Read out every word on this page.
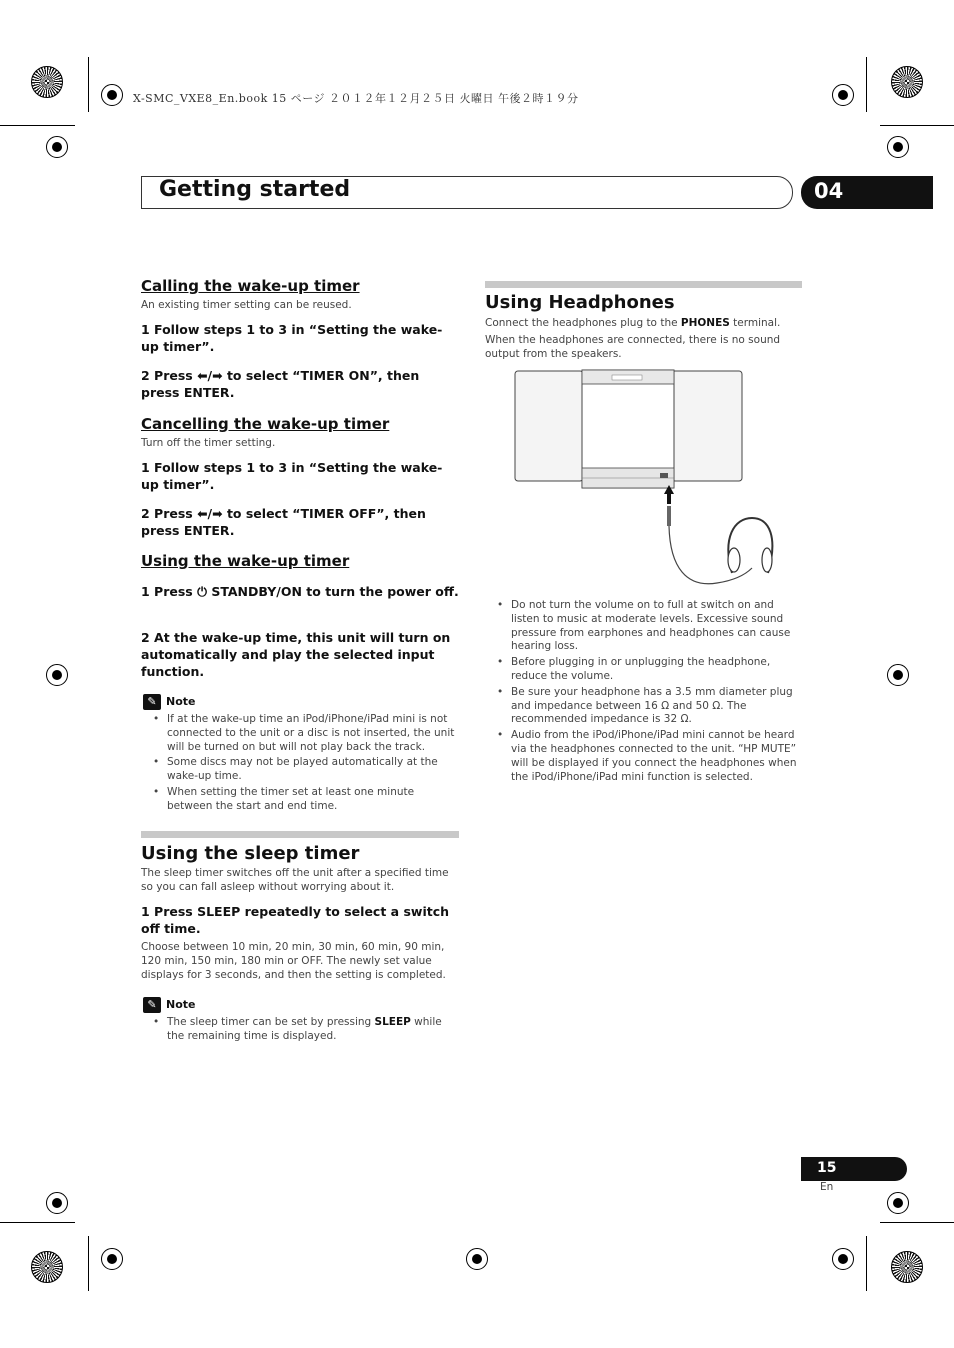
X-SMC_VXE8_En.book 15 ページ ２０１２年１２月２５日 火曜日 午後２時１９分
Getting started	04
Calling the wake-up timer
An existing timer setting can be reused.
1 Follow steps 1 to 3 in “Setting the wake-up timer”.
2 Press ⬅/➡ to select “TIMER ON”, then press ENTER.
Cancelling the wake-up timer
Turn off the timer setting.
1 Follow steps 1 to 3 in “Setting the wake-up timer”.
2 Press ⬅/➡ to select “TIMER OFF”, then press ENTER.
Using the wake-up timer
1 Press ⏻ STANDBY/ON to turn the power off.
2 At the wake-up time, this unit will turn on automatically and play the selected input function.
✎ Note
• If at the wake-up time an iPod/iPhone/iPad mini is not connected to the unit or a disc is not inserted, the unit will be turned on but will not play back the track.
• Some discs may not be played automatically at the wake-up time.
• When setting the timer set at least one minute between the start and end time.
Using the sleep timer
The sleep timer switches off the unit after a specified time so you can fall asleep without worrying about it.
1 Press SLEEP repeatedly to select a switch off time.
Choose between 10 min, 20 min, 30 min, 60 min, 90 min, 120 min, 150 min, 180 min or OFF. The newly set value displays for 3 seconds, and then the setting is completed.
✎ Note
• The sleep timer can be set by pressing SLEEP while the remaining time is displayed.
Using Headphones
Connect the headphones plug to the PHONES terminal.
When the headphones are connected, there is no sound output from the speakers.
• Do not turn the volume on to full at switch on and listen to music at moderate levels. Excessive sound pressure from earphones and headphones can cause hearing loss.
• Before plugging in or unplugging the headphone, reduce the volume.
• Be sure your headphone has a 3.5 mm diameter plug and impedance between 16 Ω and 50 Ω. The recommended impedance is 32 Ω.
• Audio from the iPod/iPhone/iPad mini cannot be heard via the headphones connected to the unit. “HP MUTE” will be displayed if you connect the headphones when the iPod/iPhone/iPad mini function is selected.
15
En
